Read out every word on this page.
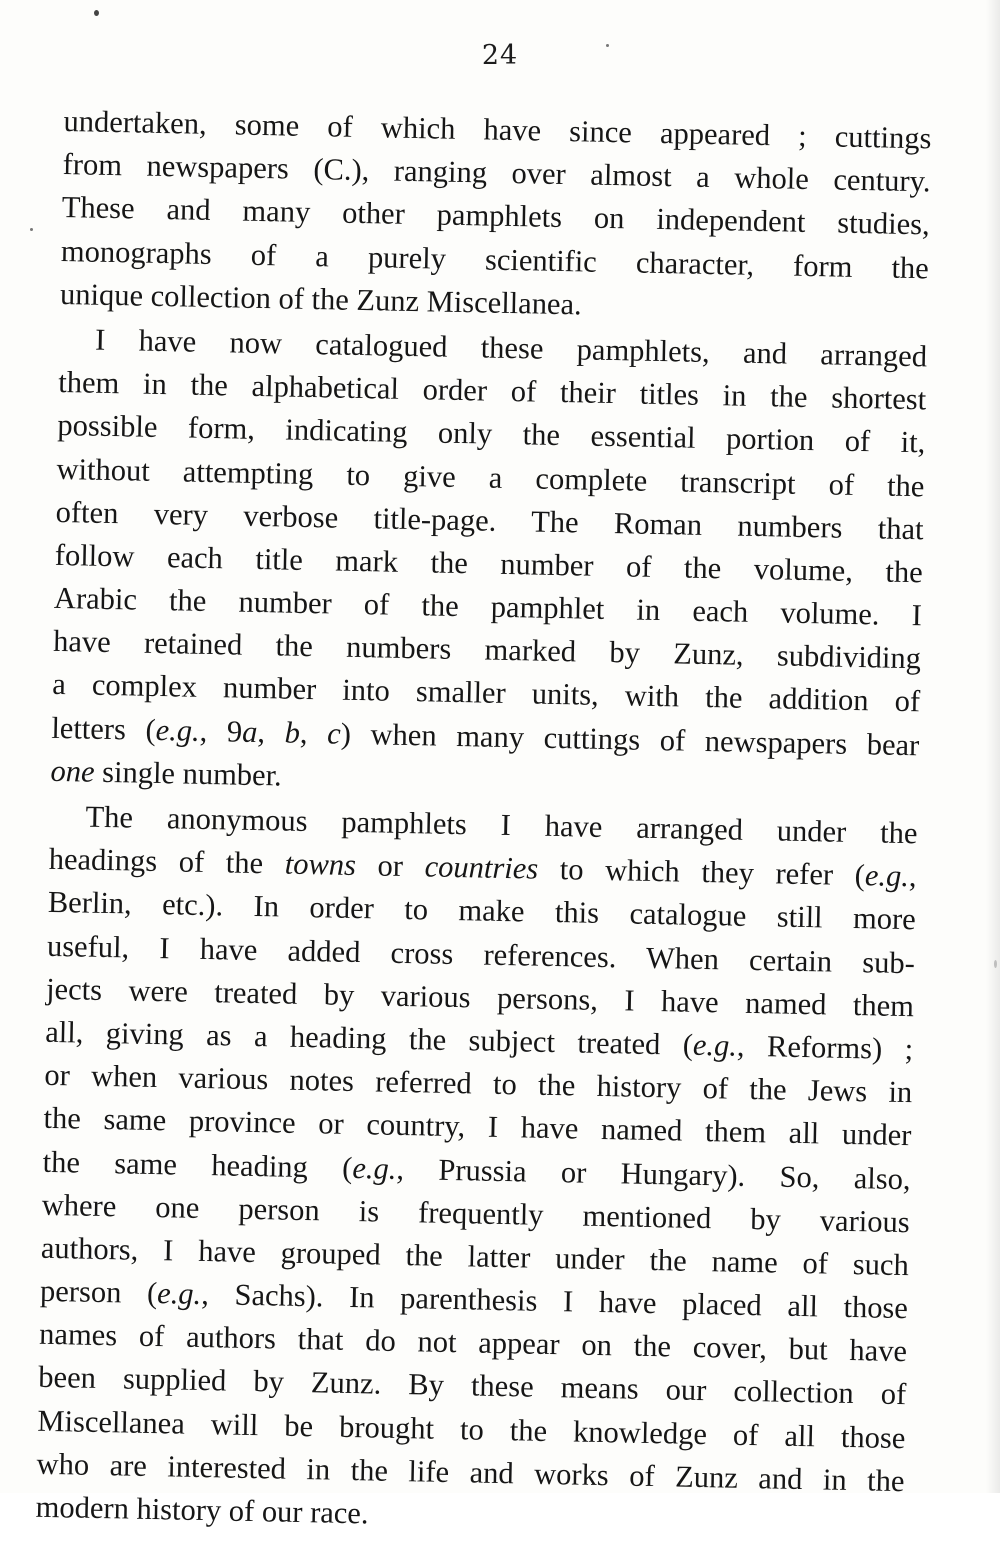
24
undertaken, some of which have since appeared ; cuttings
from newspapers (C.), ranging over almost a whole century.
These and many other pamphlets on independent studies,
monographs of a purely scientific character, form the
unique collection of the Zunz Miscellanea.
I have now catalogued these pamphlets, and arranged
them in the alphabetical order of their titles in the shortest
possible form, indicating only the essential portion of it,
without attempting to give a complete transcript of the
often very verbose title-page. The Roman numbers that
follow each title mark the number of the volume, the
Arabic the number of the pamphlet in each volume. I
have retained the numbers marked by Zunz, subdividing
a complex number into smaller units, with the addition of
letters (e.g., 9a, b, c) when many cuttings of newspapers bear
one single number.
The anonymous pamphlets I have arranged under the
headings of the towns or countries to which they refer (e.g.,
Berlin, etc.). In order to make this catalogue still more
useful, I have added cross references. When certain sub-
jects were treated by various persons, I have named them
all, giving as a heading the subject treated (e.g., Reforms) ;
or when various notes referred to the history of the Jews in
the same province or country, I have named them all under
the same heading (e.g., Prussia or Hungary). So, also,
where one person is frequently mentioned by various
authors, I have grouped the latter under the name of such
person (e.g., Sachs). In parenthesis I have placed all those
names of authors that do not appear on the cover, but have
been supplied by Zunz. By these means our collection of
Miscellanea will be brought to the knowledge of all those
who are interested in the life and works of Zunz and in the
modern history of our race.
